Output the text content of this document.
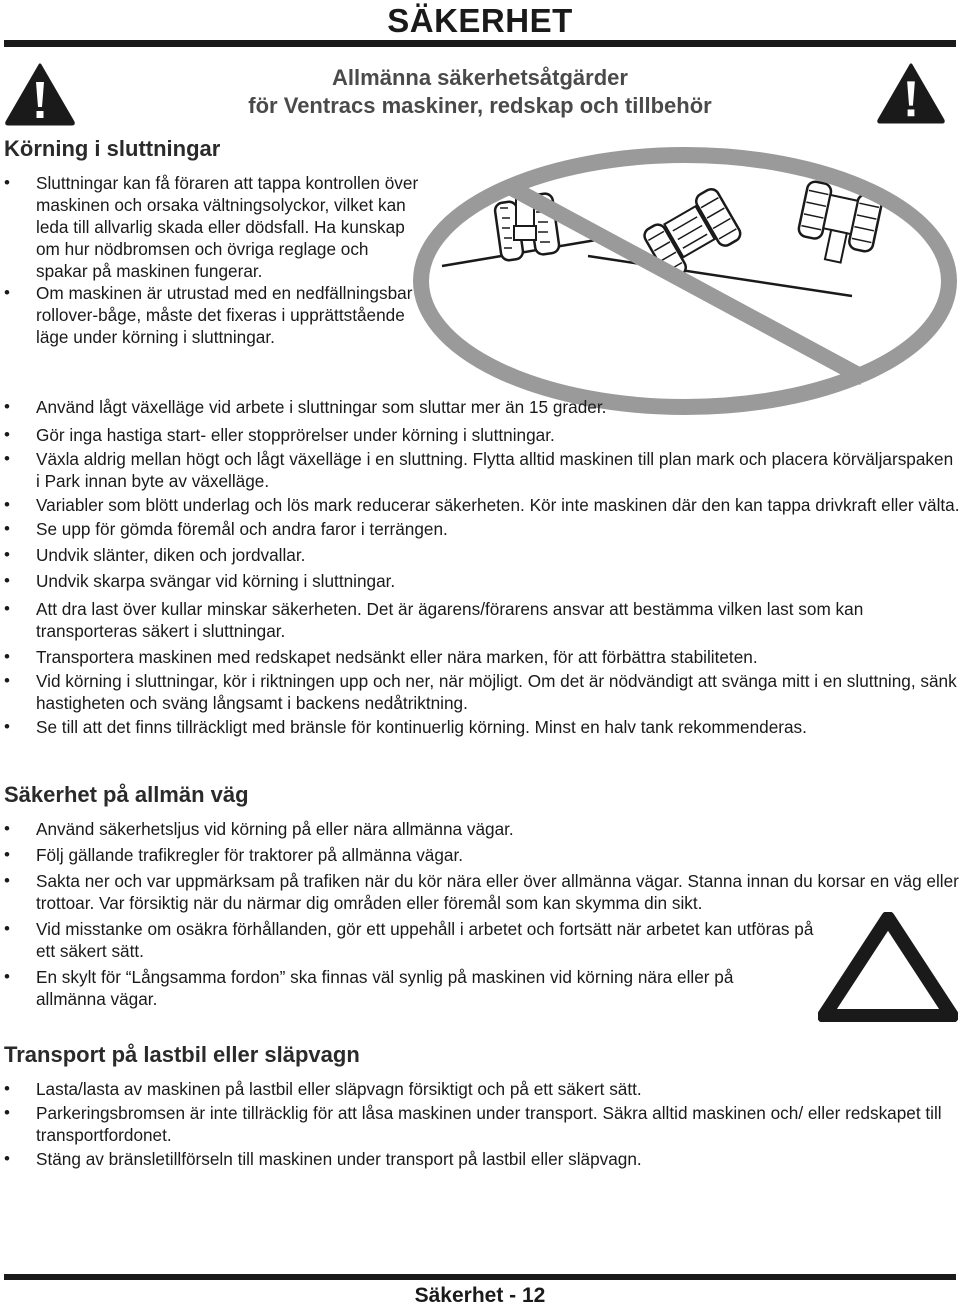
SÄKERHET
Allmänna säkerhetsåtgärder
för Ventracs maskiner, redskap och tillbehör
Körning i sluttningar
• Sluttningar kan få föraren att tappa kontrollen över maskinen och orsaka vältningsolyckor, vilket kan leda till allvarlig skada eller dödsfall. Ha kunskap om hur nödbromsen och övriga reglage och spakar på maskinen fungerar.
• Om maskinen är utrustad med en nedfällningsbar rollover-båge, måste det fixeras i upprättstående läge under körning i sluttningar.
• Använd lågt växelläge vid arbete i sluttningar som sluttar mer än 15 grader.
• Gör inga hastiga start- eller stopprörelser under körning i sluttningar.
• Växla aldrig mellan högt och lågt växelläge i en sluttning. Flytta alltid maskinen till plan mark och placera körväljarspaken i Park innan byte av växelläge.
• Variabler som blött underlag och lös mark reducerar säkerheten. Kör inte maskinen där den kan tappa drivkraft eller välta.
• Se upp för gömda föremål och andra faror i terrängen.
• Undvik slänter, diken och jordvallar.
• Undvik skarpa svängar vid körning i sluttningar.
• Att dra last över kullar minskar säkerheten. Det är ägarens/förarens ansvar att bestämma vilken last som kan transporteras säkert i sluttningar.
• Transportera maskinen med redskapet nedsänkt eller nära marken, för att förbättra stabiliteten.
• Vid körning i sluttningar, kör i riktningen upp och ner, när möjligt. Om det är nödvändigt att svänga mitt i en sluttning, sänk hastigheten och sväng långsamt i backens nedåtriktning.
• Se till att det finns tillräckligt med bränsle för kontinuerlig körning. Minst en halv tank rekommenderas.
Säkerhet på allmän väg
• Använd säkerhetsljus vid körning på eller nära allmänna vägar.
• Följ gällande trafikregler för traktorer på allmänna vägar.
• Sakta ner och var uppmärksam på trafiken när du kör nära eller över allmänna vägar. Stanna innan du korsar en väg eller trottoar. Var försiktig när du närmar dig områden eller föremål som kan skymma din sikt.
• Vid misstanke om osäkra förhållanden, gör ett uppehåll i arbetet och fortsätt när arbetet kan utföras på ett säkert sätt.
• En skylt för “Långsamma fordon” ska finnas väl synlig på maskinen vid körning nära eller på allmänna vägar.
Transport på lastbil eller släpvagn
• Lasta/lasta av maskinen på lastbil eller släpvagn försiktigt och på ett säkert sätt.
• Parkeringsbromsen är inte tillräcklig för att låsa maskinen under transport. Säkra alltid maskinen och/ eller redskapet till transportfordonet.
• Stäng av bränsletillförseln till maskinen under transport på lastbil eller släpvagn.
Säkerhet - 12
